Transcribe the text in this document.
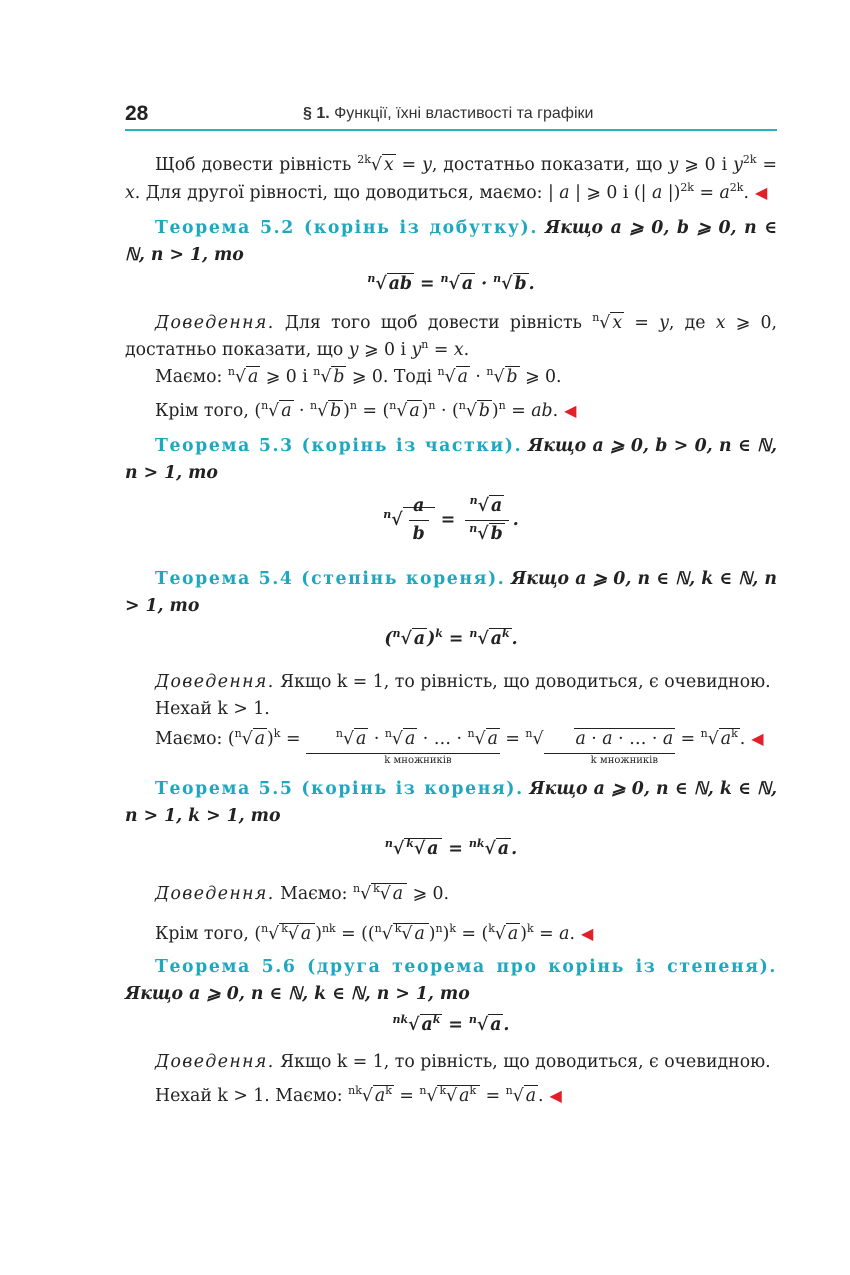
28	§ 1. Функції, їхні властивості та графіки

Щоб довести рівність $^{2k}$√ x = y, достатньо показати, що y ⩾ 0 і $y^{2k} = x$. Для другої рівності, що доводиться, маємо: | a | ⩾ 0 і (| a $|)^{2k} = a^{2k}$. ◀

Теорема 5.2 (корінь із добутку). Якщо a ⩾ 0, b ⩾ 0, n ∈ ℕ, n > 1, то

$^n$√ ab = $^n$√ a · $^n$√ b .

Доведення. Для того щоб довести рівність $^n$√ x = y, де x ⩾ 0, достатньо показати, що y ⩾ 0 і $y^n = x$.

Маємо: $^n$√ a ⩾ 0 і $^n$√ b ⩾ 0. Тоді $^n$√ a · $^n$√ b ⩾ 0.

Крім того, ($^n$√ a · $^n$√ b )$^n$ = ($^n$√ a )$^n$ · ($^n$√ b )$^n$ = ab. ◀

Теорема 5.3 (корінь із частки). Якщо a ⩾ 0, b > 0, n ∈ ℕ, n > 1, то

$^n√ \frac{a}{b} = \frac{^n√ a}{^n√ b}$ .

Теорема 5.4 (степінь кореня). Якщо a ⩾ 0, n ∈ ℕ, k ∈ ℕ, n > 1, то

($^n$√ a )$^k$ = $^n$√ $a^k$ .

Доведення. Якщо k = 1, то рівність, що доводиться, є очевидною.

Нехай k > 1.

Маємо: ($^n$√ a )$^k$ =	$^n$√ a · $^n$√ a · … · $^n$√ a
k множників
= $^n$√ a · a · … · a
k множників
= $^n$√ $a^k$ . ◀

Теорема 5.5 (корінь із кореня). Якщо a ⩾ 0, n ∈ ℕ, k ∈ ℕ, n > 1, k > 1, то

$^n$√ $^k$√ a = $^{nk}$√ a .

Доведення. Маємо: $^n$√ $^k$√ a ⩾ 0.

Крім того, ($^n$√ $^k$√ a )$^{nk}$ = (($^n$√ $^k$√ a )$^n$)$^k$ = ($^k$√ a )$^k$ = a. ◀

Теорема 5.6 (друга теорема про корінь із степеня). Якщо a ⩾ 0, n ∈ ℕ, k ∈ ℕ, n > 1, то

$^{nk}$√ $a^k = ^n√$ a .

Доведення. Якщо k = 1, то рівність, що доводиться, є очевидною.

Нехай k > 1. Маємо: $^{nk}$√ $a^k = ^n√$ $^k$√ $a^k = ^n√$ a . ◀
